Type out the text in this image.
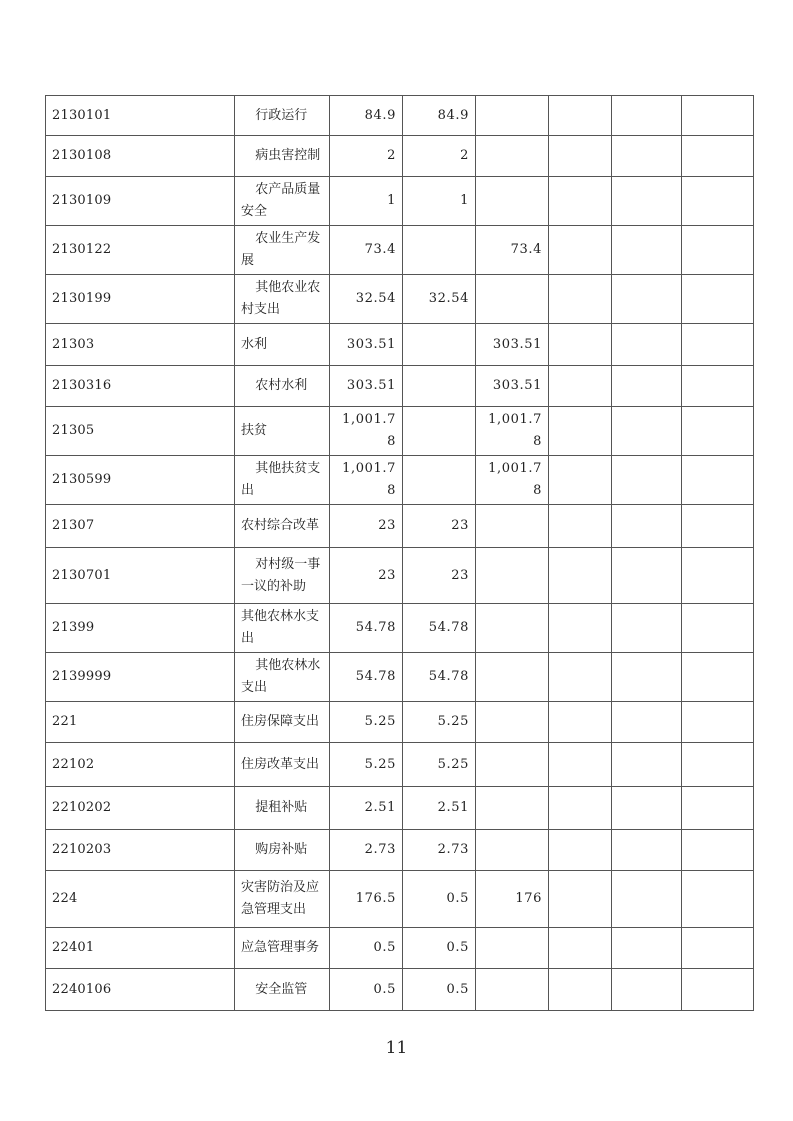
2130101	行政运行	84.9	84.9				
2130108	病虫害控制	2	2				
2130109	农产品质量安全	1	1				
2130122	农业生产发展	73.4		73.4			
2130199	其他农业农村支出	32.54	32.54				
21303	水利	303.51		303.51			
2130316	农村水利	303.51		303.51			
21305	扶贫	1,001.78		1,001.78			
2130599	其他扶贫支出	1,001.78		1,001.78			
21307	农村综合改革	23	23				
2130701	对村级一事一议的补助	23	23				
21399	其他农林水支出	54.78	54.78				
2139999	其他农林水支出	54.78	54.78				
221	住房保障支出	5.25	5.25				
22102	住房改革支出	5.25	5.25				
2210202	提租补贴	2.51	2.51				
2210203	购房补贴	2.73	2.73				
224	灾害防治及应急管理支出	176.5	0.5	176			
22401	应急管理事务	0.5	0.5				
2240106	安全监管	0.5	0.5				
11
